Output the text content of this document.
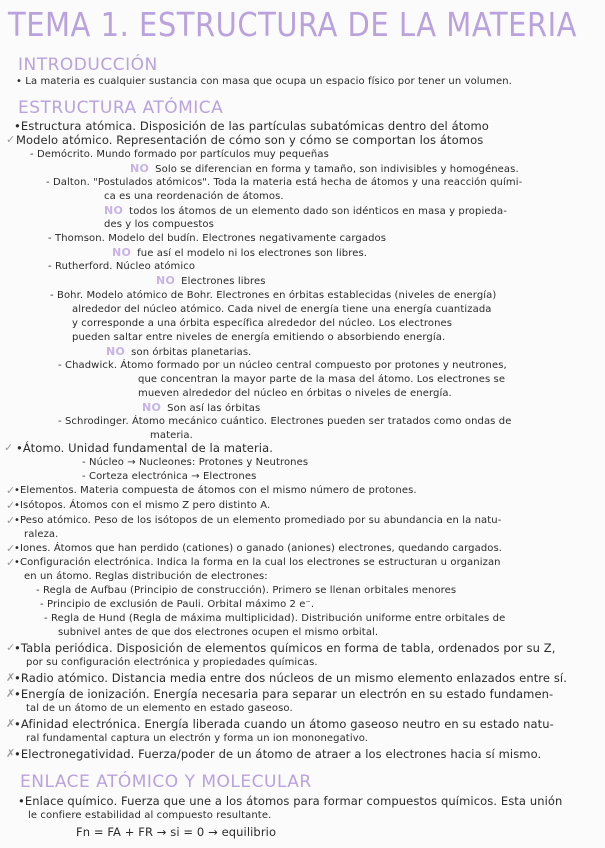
TEMA 1. ESTRUCTURA DE LA MATERIA
INTRODUCCIÓN
• La materia es cualquier sustancia con masa que ocupa un espacio físico por tener un volumen.
ESTRUCTURA ATÓMICA
•Estructura atómica. Disposición de las partículas subatómicas dentro del átomo
✓ Modelo atómico. Representación de cómo son y cómo se comportan los átomos
- Demócrito. Mundo formado por partículos muy pequeñas
NO Solo se diferencian en forma y tamaño, son indivisibles y homogéneas.
- Dalton. "Postulados atómicos". Toda la materia está hecha de átomos y una reacción quími-
ca es una reordenación de átomos.
NO todos los átomos de un elemento dado son idénticos en masa y propieda-
des y los compuestos
- Thomson. Modelo del budín. Electrones negativamente cargados
NO fue así el modelo ni los electrones son libres.
- Rutherford. Núcleo atómico
NO Electrones libres
- Bohr. Modelo atómico de Bohr. Electrones en órbitas establecidas (niveles de energía)
alrededor del núcleo atómico. Cada nivel de energía tiene una energía cuantizada
y corresponde a una órbita específica alrededor del núcleo. Los electrones
pueden saltar entre niveles de energía emitiendo o absorbiendo energía.
NO son órbitas planetarias.
- Chadwick. Átomo formado por un núcleo central compuesto por protones y neutrones,
que concentran la mayor parte de la masa del átomo. Los electrones se
mueven alrededor del núcleo en órbitas o niveles de energía.
NO Son así las órbitas
- Schrodinger. Átomo mecánico cuántico. Electrones pueden ser tratados como ondas de
materia.
✓ •Átomo. Unidad fundamental de la materia.
- Núcleo → Nucleones: Protones y Neutrones
- Corteza electrónica → Electrones
✓
•Elementos. Materia compuesta de átomos con el mismo número de protones.
✓
•Isótopos. Átomos con el mismo Z pero distinto A.
✓
•Peso atómico. Peso de los isótopos de un elemento promediado por su abundancia en la natu-
raleza.
✓
•Iones. Átomos que han perdido (cationes) o ganado (aniones) electrones, quedando cargados.
✓
•Configuración electrónica. Indica la forma en la cual los electrones se estructuran u organizan
en un átomo. Reglas distribución de electrones:
- Regla de Aufbau (Principio de construcción). Primero se llenan orbitales menores
- Principio de exclusión de Pauli. Orbital máximo 2 e⁻.
- Regla de Hund (Regla de máxima multiplicidad). Distribución uniforme entre orbitales de
subnivel antes de que dos electrones ocupen el mismo orbital.
✓
•Tabla periódica. Disposición de elementos químicos en forma de tabla, ordenados por su Z,
por su configuración electrónica y propiedades químicas.
✗
•Radio atómico. Distancia media entre dos núcleos de un mismo elemento enlazados entre sí.
✗
•Energía de ionización. Energía necesaria para separar un electrón en su estado fundamen-
tal de un átomo de un elemento en estado gaseoso.
✗
•Afinidad electrónica. Energía liberada cuando un átomo gaseoso neutro en su estado natu-
ral fundamental captura un electrón y forma un ion mononegativo.
✗
•Electronegatividad. Fuerza/poder de un átomo de atraer a los electrones hacia sí mismo.
ENLACE ATÓMICO Y MOLECULAR
•Enlace químico. Fuerza que une a los átomos para formar compuestos químicos. Esta unión
le confiere estabilidad al compuesto resultante.
Fn = FA + FR → si = 0 → equilibrio
